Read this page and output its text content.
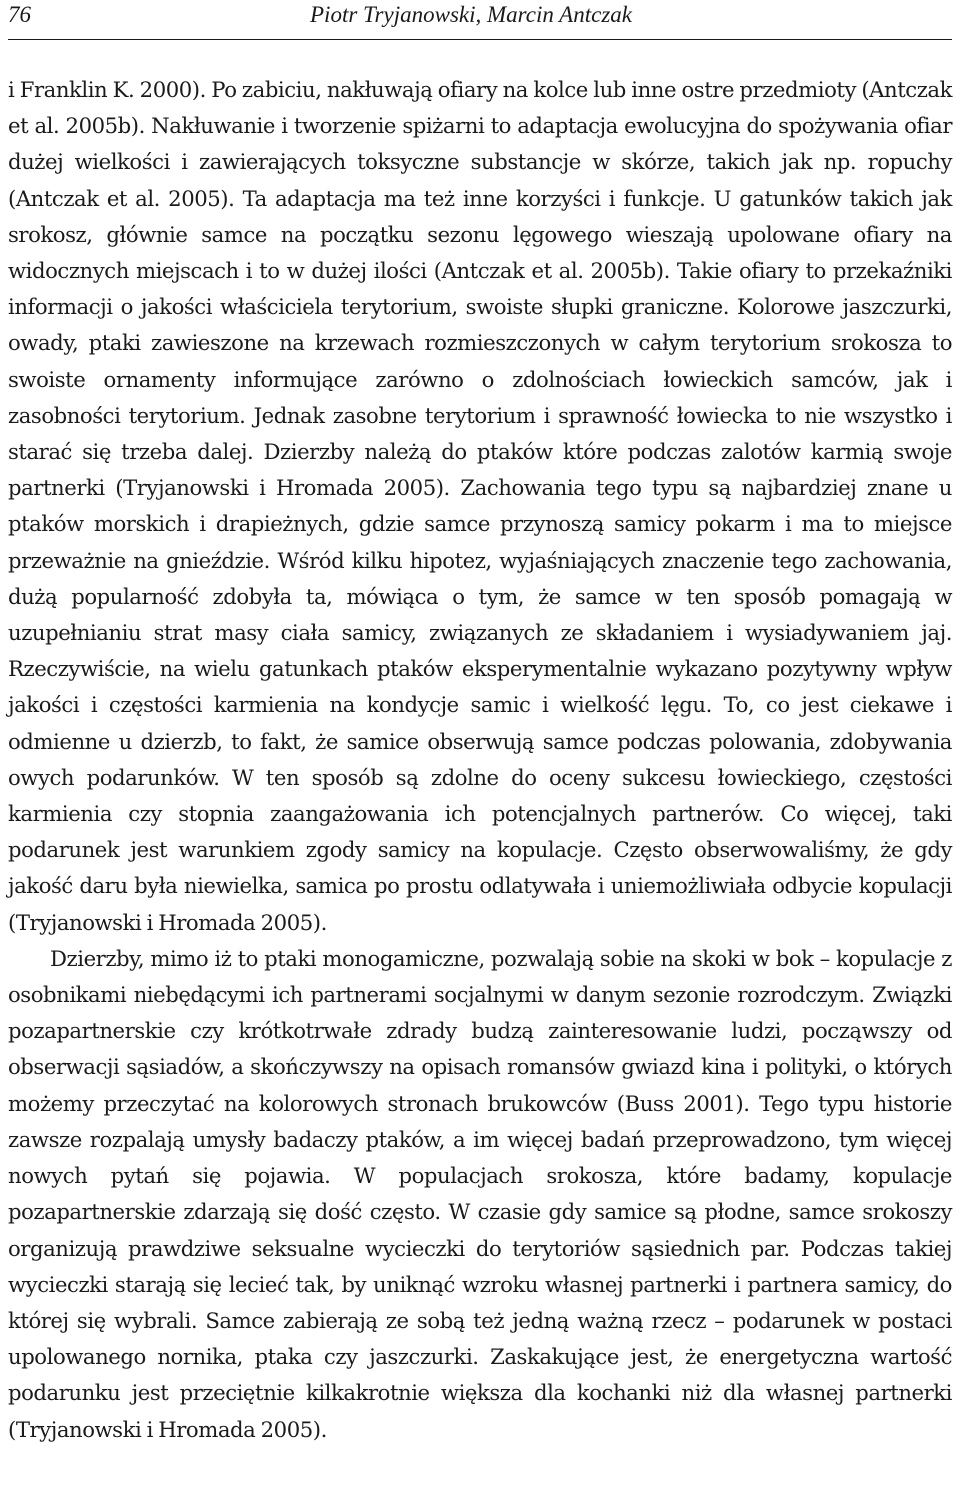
76	Piotr Tryjanowski, Marcin Antczak

i Franklin K. 2000). Po zabiciu, nakłuwają ofiary na kolce lub inne ostre przedmioty (Antczak et al. 2005b). Nakłuwanie i tworzenie spiżarni to adaptacja ewolucyjna do spożywania ofiar dużej wielkości i zawierających toksyczne substancje w skórze, takich jak np. ropuchy (Antczak et al. 2005). Ta adaptacja ma też inne korzyści i funkcje. U gatunków takich jak srokosz, głównie samce na początku sezonu lęgowego wieszają upolowane ofiary na widocznych miejscach i to w dużej ilości (Antczak et al. 2005b). Takie ofiary to przekaźniki informacji o jakości właściciela terytorium, swoiste słupki graniczne. Kolorowe jaszczurki, owady, ptaki zawieszone na krzewach rozmieszczonych w całym terytorium srokosza to swoiste ornamenty informujące zarówno o zdolnościach łowieckich samców, jak i zasobności terytorium. Jednak zasobne terytorium i sprawność łowiecka to nie wszystko i starać się trzeba dalej. Dzierzby należą do ptaków które podczas zalotów karmią swoje partnerki (Tryjanowski i Hromada 2005). Zachowania tego typu są najbardziej znane u ptaków morskich i drapieżnych, gdzie samce przynoszą samicy pokarm i ma to miejsce przeważnie na gnieździe. Wśród kilku hipotez, wyjaśniających znaczenie tego zachowania, dużą popularność zdobyła ta, mówiąca o tym, że samce w ten sposób pomagają w uzupełnianiu strat masy ciała samicy, związanych ze składaniem i wysiadywaniem jaj. Rzeczywiście, na wielu gatunkach ptaków eksperymentalnie wykazano pozytywny wpływ jakości i częstości karmienia na kondycje samic i wielkość lęgu. To, co jest ciekawe i odmienne u dzierzb, to fakt, że samice obserwują samce podczas polowania, zdobywania owych podarunków. W ten sposób są zdolne do oceny sukcesu łowieckiego, częstości karmienia czy stopnia zaangażowania ich potencjalnych partnerów. Co więcej, taki podarunek jest warunkiem zgody samicy na kopulacje. Często obserwowaliśmy, że gdy jakość daru była niewielka, samica po prostu odlatywała i uniemożliwiała odbycie kopulacji (Tryjanowski i Hromada 2005).

Dzierzby, mimo iż to ptaki monogamiczne, pozwalają sobie na skoki w bok – kopulacje z osobnikami niebędącymi ich partnerami socjalnymi w danym sezonie rozrodczym. Związki pozapartnerskie czy krótkotrwałe zdrady budzą zainteresowanie ludzi, począwszy od obserwacji sąsiadów, a skończywszy na opisach romansów gwiazd kina i polityki, o których możemy przeczytać na kolorowych stronach brukowców (Buss 2001). Tego typu historie zawsze rozpalają umysły badaczy ptaków, a im więcej badań przeprowadzono, tym więcej nowych pytań się pojawia. W populacjach srokosza, które badamy, kopulacje pozapartnerskie zdarzają się dość często. W czasie gdy samice są płodne, samce srokoszy organizują prawdziwe seksualne wycieczki do terytoriów sąsiednich par. Podczas takiej wycieczki starają się lecieć tak, by uniknąć wzroku własnej partnerki i partnera samicy, do której się wybrali. Samce zabierają ze sobą też jedną ważną rzecz – podarunek w postaci upolowanego nornika, ptaka czy jaszczurki. Zaskakujące jest, że energetyczna wartość podarunku jest przeciętnie kilkakrotnie większa dla kochanki niż dla własnej partnerki (Tryjanowski i Hromada 2005).
